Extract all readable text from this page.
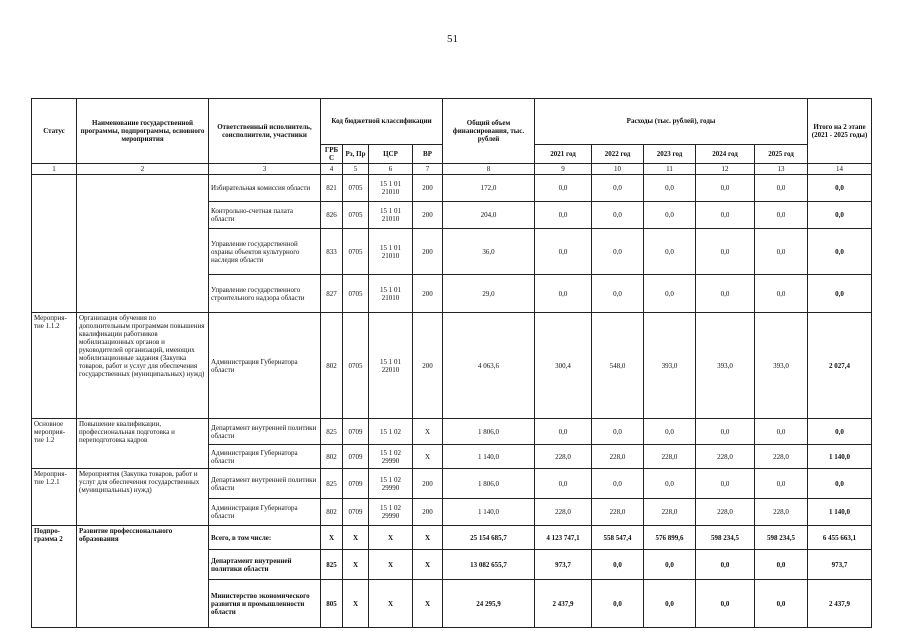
51
Статус	Наименование государственной программы, подпрограммы, основного мероприятия	Ответственный исполнитель, соисполнители, участники	Код бюджетной классификации				Общий объем финансирования, тыс. рублей	Расходы (тыс. рублей), годы					Итого на 2 этапе (2021 - 2025 годы)
			ГРБС	Рз, Пр	ЦСР	ВР		2021 год	2022 год	2023 год	2024 год	2025 год	
1	2	3	4	5	6	7	8	9	10	11	12	13	14
		Избирательная комиссия области	821	0705	15 1 01 21010	200	172,0	0,0	0,0	0,0	0,0	0,0	0,0
		Контрольно-счетная палата области	826	0705	15 1 01 21010	200	204,0	0,0	0,0	0,0	0,0	0,0	0,0
		Управление государственной охраны объектов культурного наследия области	833	0705	15 1 01 21010	200	36,0	0,0	0,0	0,0	0,0	0,0	0,0
		Управление государственного строительного надзора области	827	0705	15 1 01 21010	200	29,0	0,0	0,0	0,0	0,0	0,0	0,0
Мероприя-тие 1.1.2	Организация обучения по дополнительным программам повышения квалификации работников мобилизационных органов и руководителей организаций, имеющих мобилизационные задания (Закупка товаров, работ и услуг для обеспечения государственных (муниципальных) нужд)	Администрация Губернатора области	802	0705	15 1 01 22010	200	4 063,6	300,4	548,0	393,0	393,0	393,0	2 027,4
Основное мероприя-тие 1.2	Повышение квалификации, профессиональная подготовка и переподготовка кадров	Департамент внутренней политики области	825	0709	15 1 02	Х	1 806,0	0,0	0,0	0,0	0,0	0,0	0,0
		Администрация Губернатора области	802	0709	15 1 02 29990	Х	1 140,0	228,0	228,0	228,0	228,0	228,0	1 140,0
Мероприя-тие 1.2.1	Мероприятия (Закупка товаров, работ и услуг для обеспечения государственных (муниципальных) нужд)	Департамент внутренней политики области	825	0709	15 1 02 29990	200	1 806,0	0,0	0,0	0,0	0,0	0,0	0,0
		Администрация Губернатора области	802	0709	15 1 02 29990	200	1 140,0	228,0	228,0	228,0	228,0	228,0	1 140,0
Подпро-грамма 2	Развитие профессионального образования	Всего, в том числе:	Х	Х	Х	Х	25 154 685,7	4 123 747,1	558 547,4	576 899,6	598 234,5	598 234,5	6 455 663,1
		Департамент внутренней политики области	825	Х	Х	Х	13 082 655,7	973,7	0,0	0,0	0,0	0,0	973,7
		Министерство экономического развития и промышленности области	805	Х	Х	Х	24 295,9	2 437,9	0,0	0,0	0,0	0,0	2 437,9
